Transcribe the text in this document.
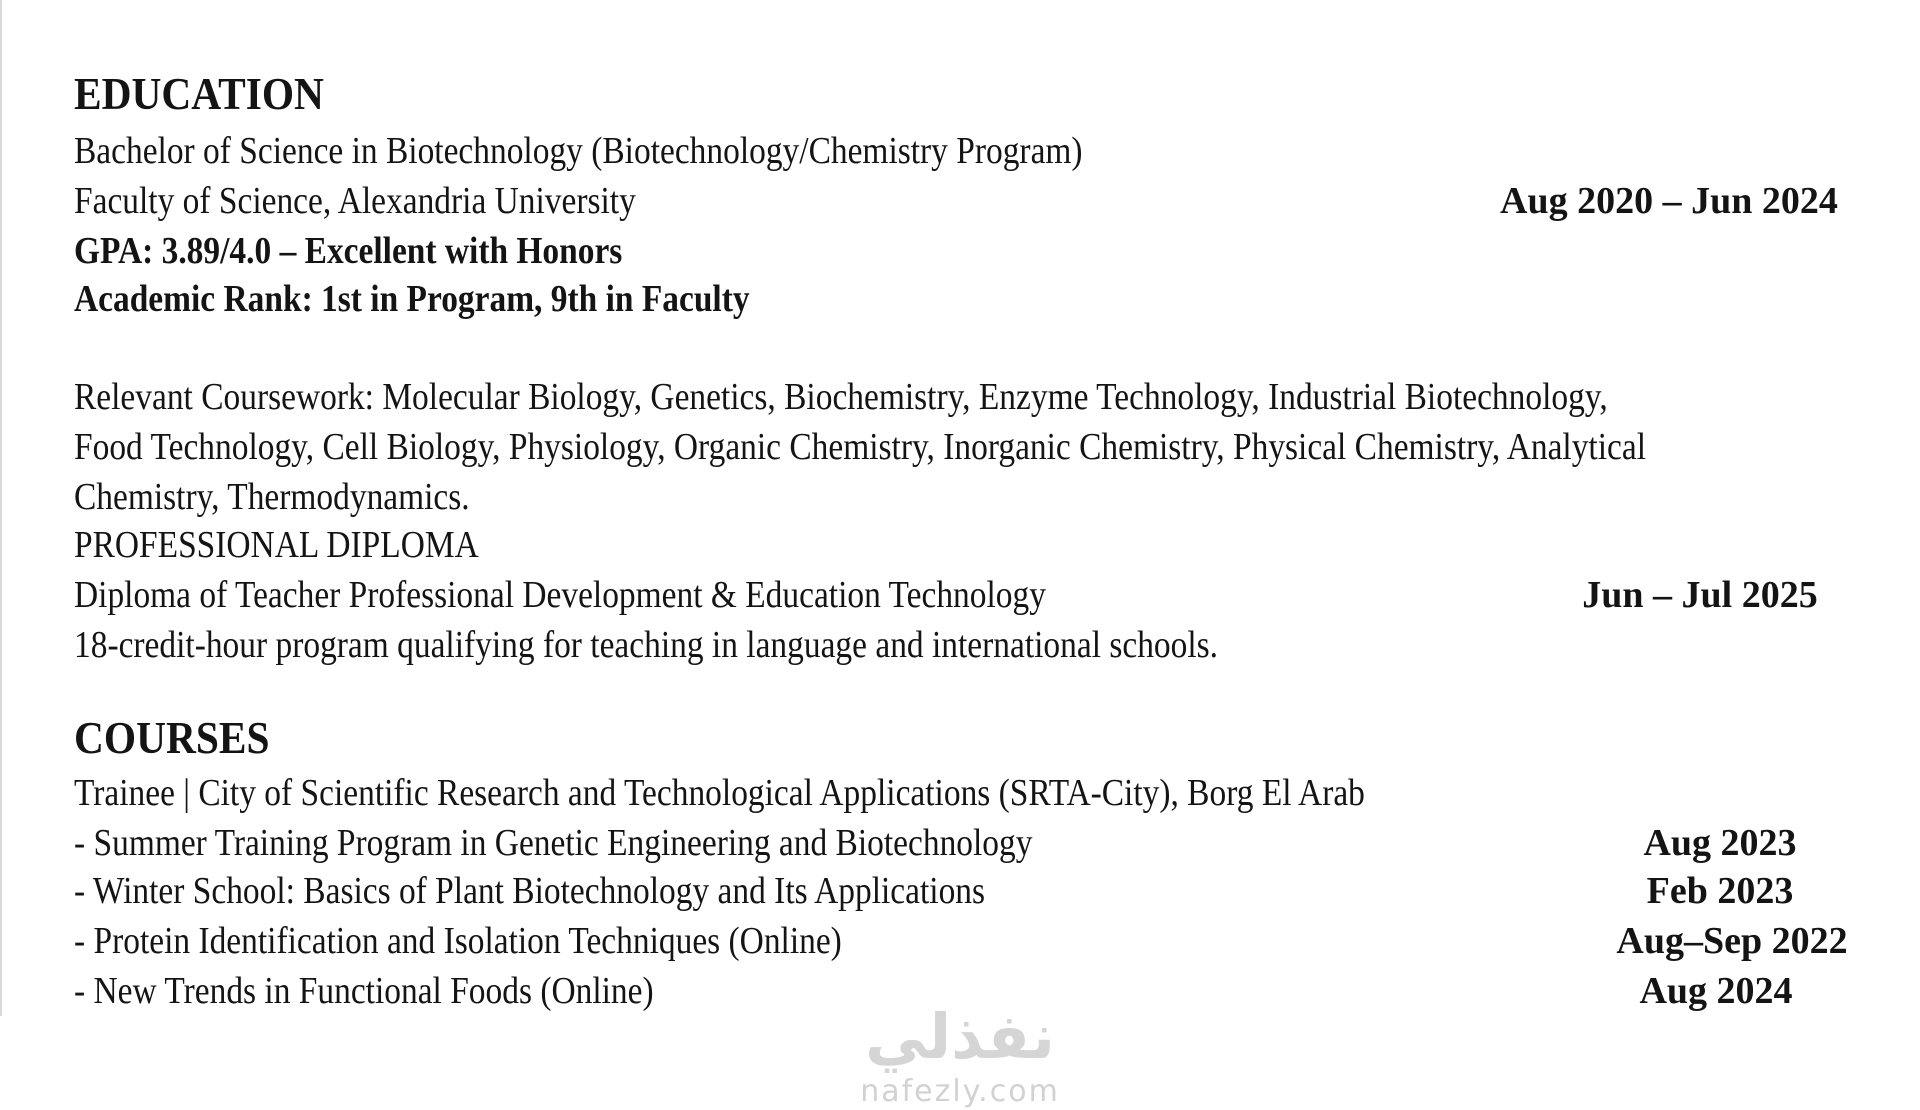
EDUCATION

Bachelor of Science in Biotechnology (Biotechnology/Chemistry Program)

Faculty of Science, Alexandria University	Aug 2020 – Jun 2024

GPA: 3.89/4.0 – Excellent with Honors

Academic Rank: 1st in Program, 9th in Faculty

Relevant Coursework: Molecular Biology, Genetics, Biochemistry, Enzyme Technology, Industrial Biotechnology,

Food Technology, Cell Biology, Physiology, Organic Chemistry, Inorganic Chemistry, Physical Chemistry, Analytical

Chemistry, Thermodynamics.

PROFESSIONAL DIPLOMA

Diploma of Teacher Professional Development & Education Technology	Jun – Jul 2025

18-credit-hour program qualifying for teaching in language and international schools.

COURSES

Trainee | City of Scientific Research and Technological Applications (SRTA-City), Borg El Arab

- Summer Training Program in Genetic Engineering and Biotechnology	Aug 2023

- Winter School: Basics of Plant Biotechnology and Its Applications	Feb 2023

- Protein Identification and Isolation Techniques (Online)	Aug–Sep 2022

- New Trends in Functional Foods (Online)	Aug 2024

نفذلي
nafezly.com
